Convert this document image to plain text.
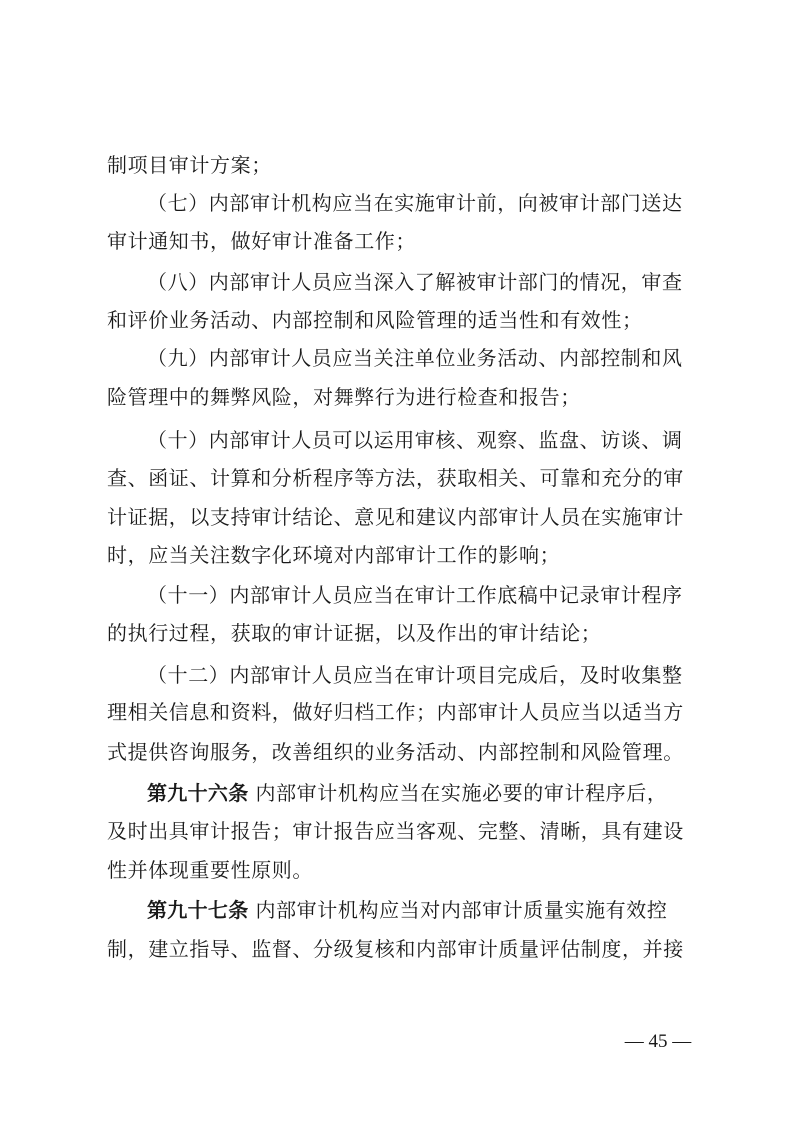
制项目审计方案；
（七）内部审计机构应当在实施审计前，向被审计部门送达
审计通知书，做好审计准备工作；
（八）内部审计人员应当深入了解被审计部门的情况，审查
和评价业务活动、内部控制和风险管理的适当性和有效性；
（九）内部审计人员应当关注单位业务活动、内部控制和风
险管理中的舞弊风险，对舞弊行为进行检查和报告；
（十）内部审计人员可以运用审核、观察、监盘、访谈、调
查、函证、计算和分析程序等方法，获取相关、可靠和充分的审
计证据，以支持审计结论、意见和建议内部审计人员在实施审计
时，应当关注数字化环境对内部审计工作的影响；
（十一）内部审计人员应当在审计工作底稿中记录审计程序
的执行过程，获取的审计证据，以及作出的审计结论；
（十二）内部审计人员应当在审计项目完成后，及时收集整
理相关信息和资料，做好归档工作；内部审计人员应当以适当方
式提供咨询服务，改善组织的业务活动、内部控制和风险管理。
第九十六条 内部审计机构应当在实施必要的审计程序后，
及时出具审计报告；审计报告应当客观、完整、清晰，具有建设
性并体现重要性原则。
第九十七条 内部审计机构应当对内部审计质量实施有效控
制，建立指导、监督、分级复核和内部审计质量评估制度，并接
— 45 —
